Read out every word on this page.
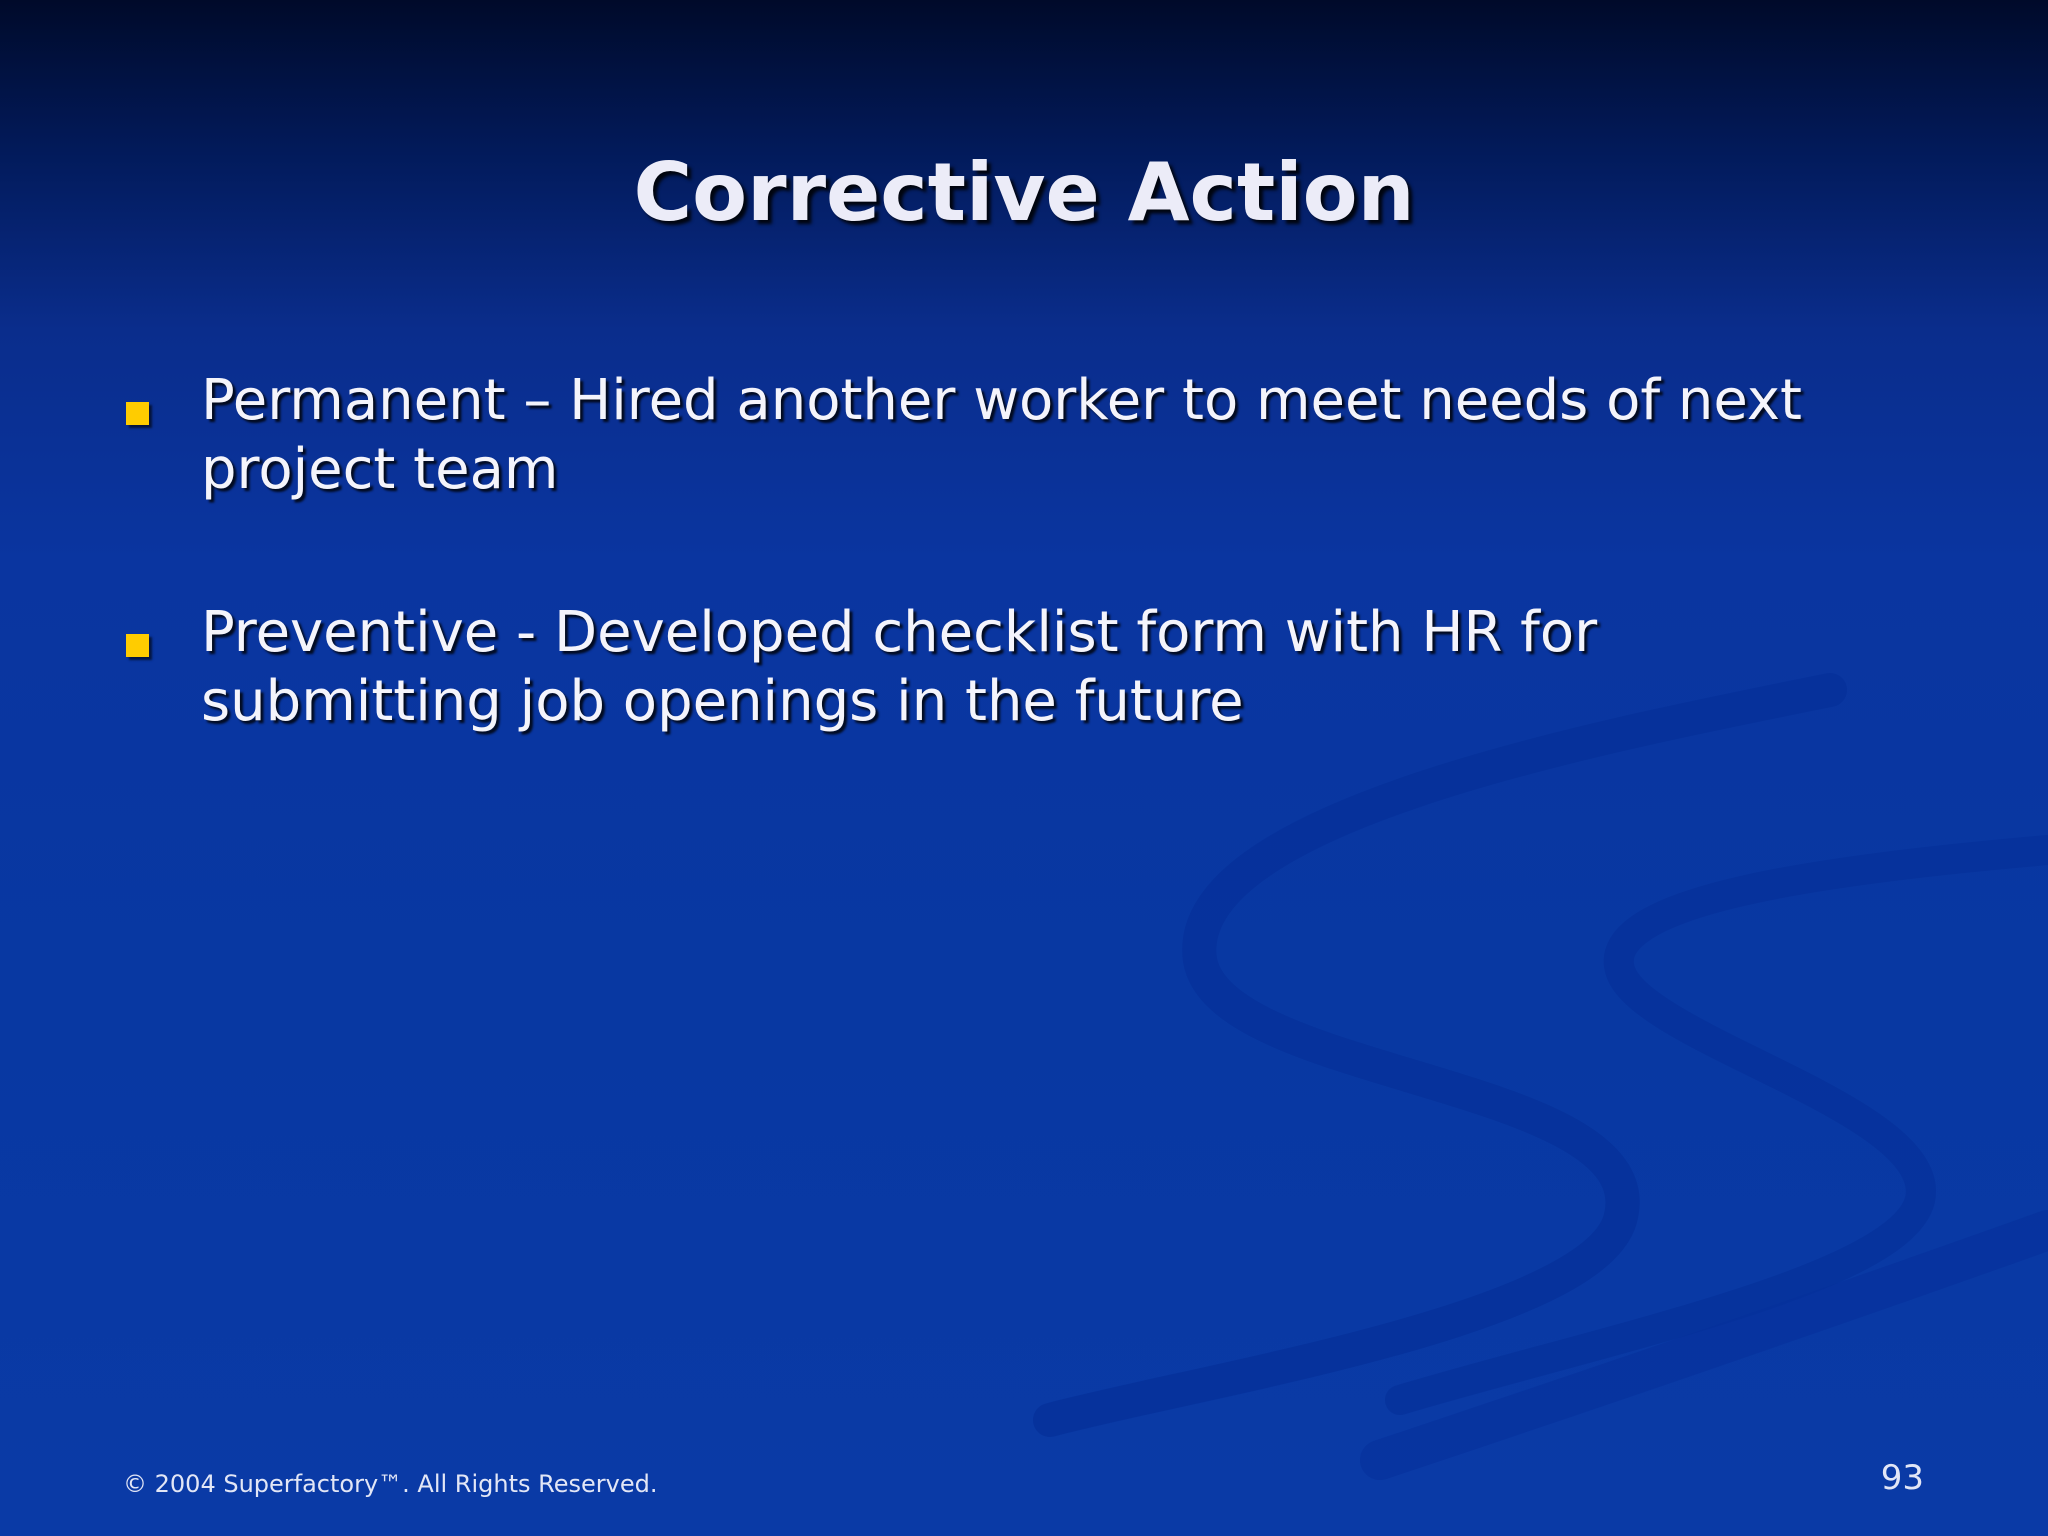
Corrective Action
Permanent – Hired another worker to meet needs of next project team
Preventive - Developed checklist form with HR for submitting job openings in the future
© 2004 Superfactory™. All Rights Reserved.	93
